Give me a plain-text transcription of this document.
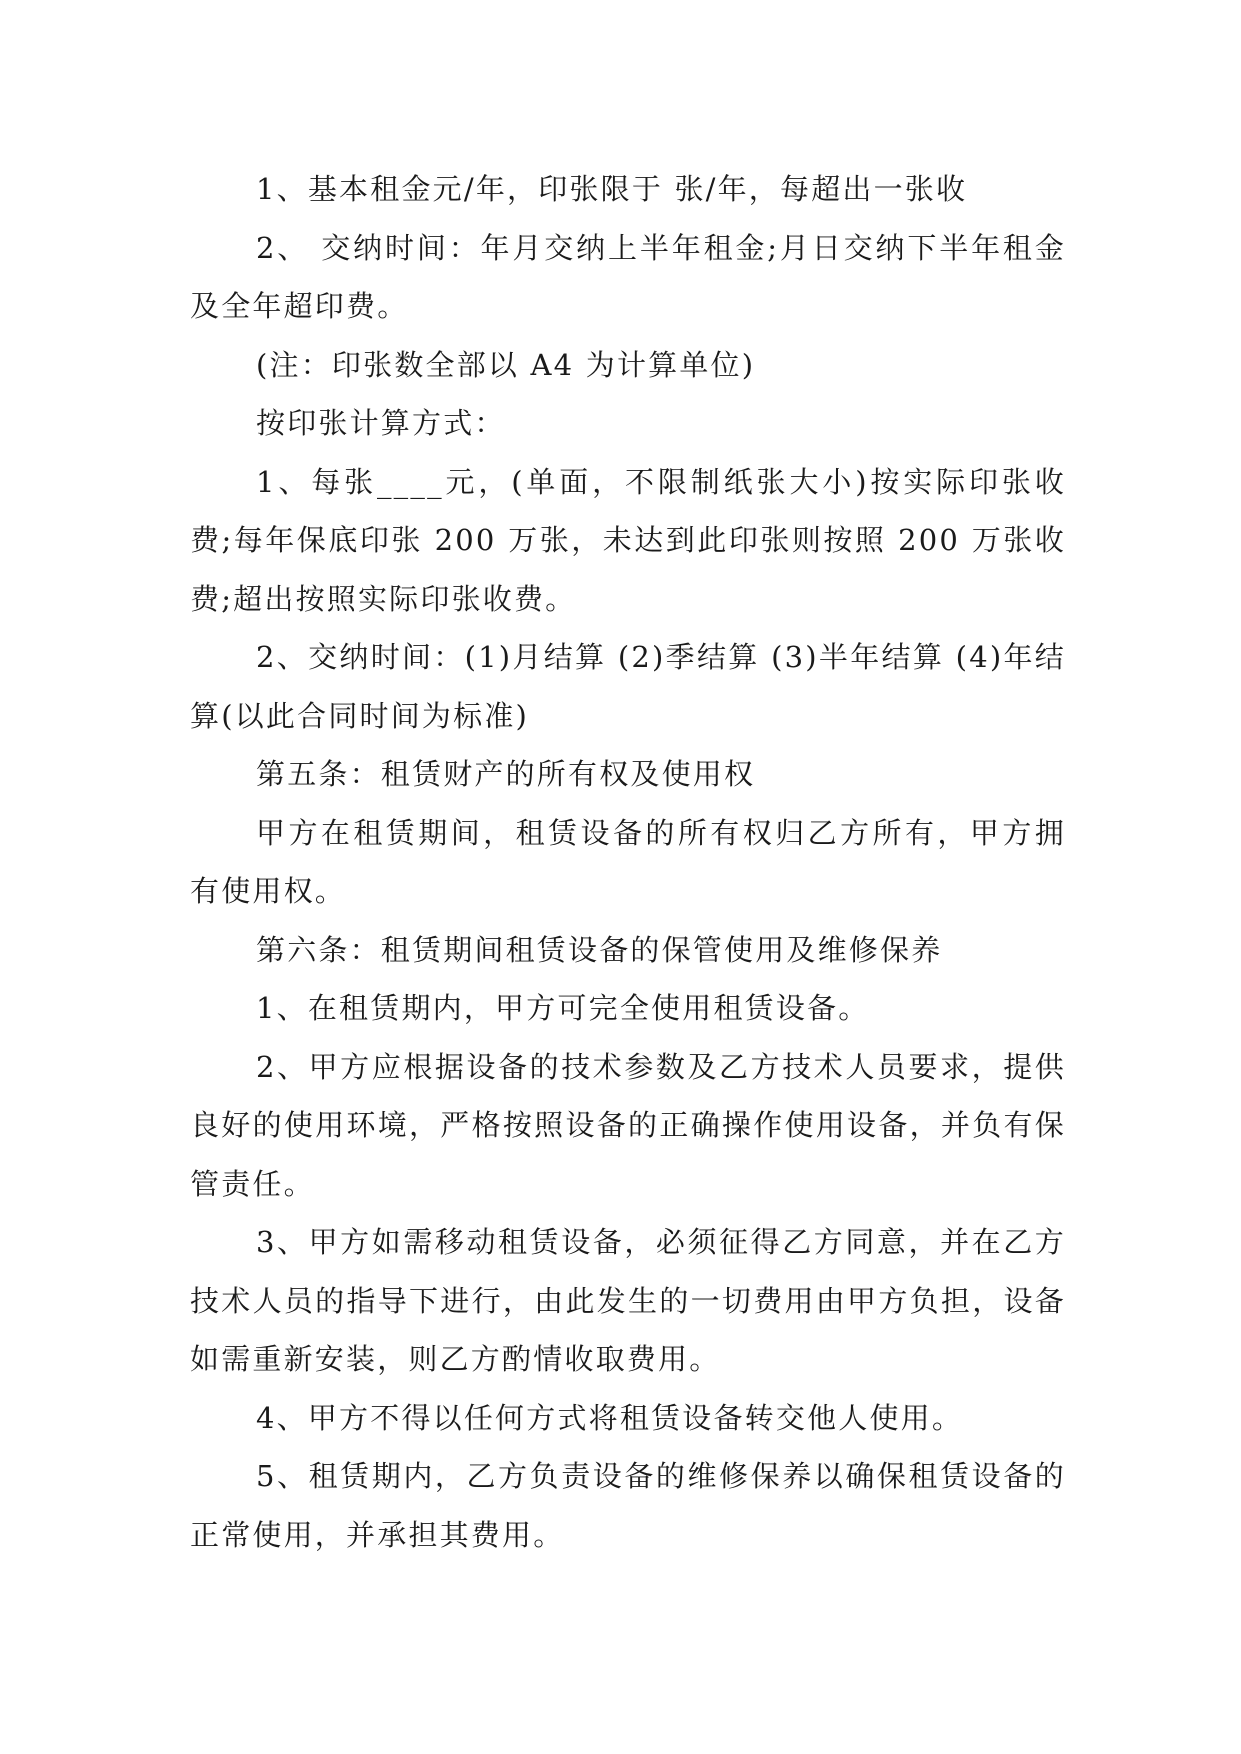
1、基本租金元/年，印张限于 张/年，每超出一张收

2、 交纳时间：年月交纳上半年租金;月日交纳下半年租金及全年超印费。

(注：印张数全部以 A4 为计算单位)

按印张计算方式：

1、每张____元，(单面，不限制纸张大小)按实际印张收费;每年保底印张 200 万张，未达到此印张则按照 200 万张收费;超出按照实际印张收费。

2、交纳时间：(1)月结算 (2)季结算 (3)半年结算 (4)年结算(以此合同时间为标准)

第五条：租赁财产的所有权及使用权

甲方在租赁期间，租赁设备的所有权归乙方所有，甲方拥有使用权。

第六条：租赁期间租赁设备的保管使用及维修保养

1、在租赁期内，甲方可完全使用租赁设备。

2、甲方应根据设备的技术参数及乙方技术人员要求，提供良好的使用环境，严格按照设备的正确操作使用设备，并负有保管责任。

3、甲方如需移动租赁设备，必须征得乙方同意，并在乙方技术人员的指导下进行，由此发生的一切费用由甲方负担，设备如需重新安装，则乙方酌情收取费用。

4、甲方不得以任何方式将租赁设备转交他人使用。

5、租赁期内，乙方负责设备的维修保养以确保租赁设备的正常使用，并承担其费用。
